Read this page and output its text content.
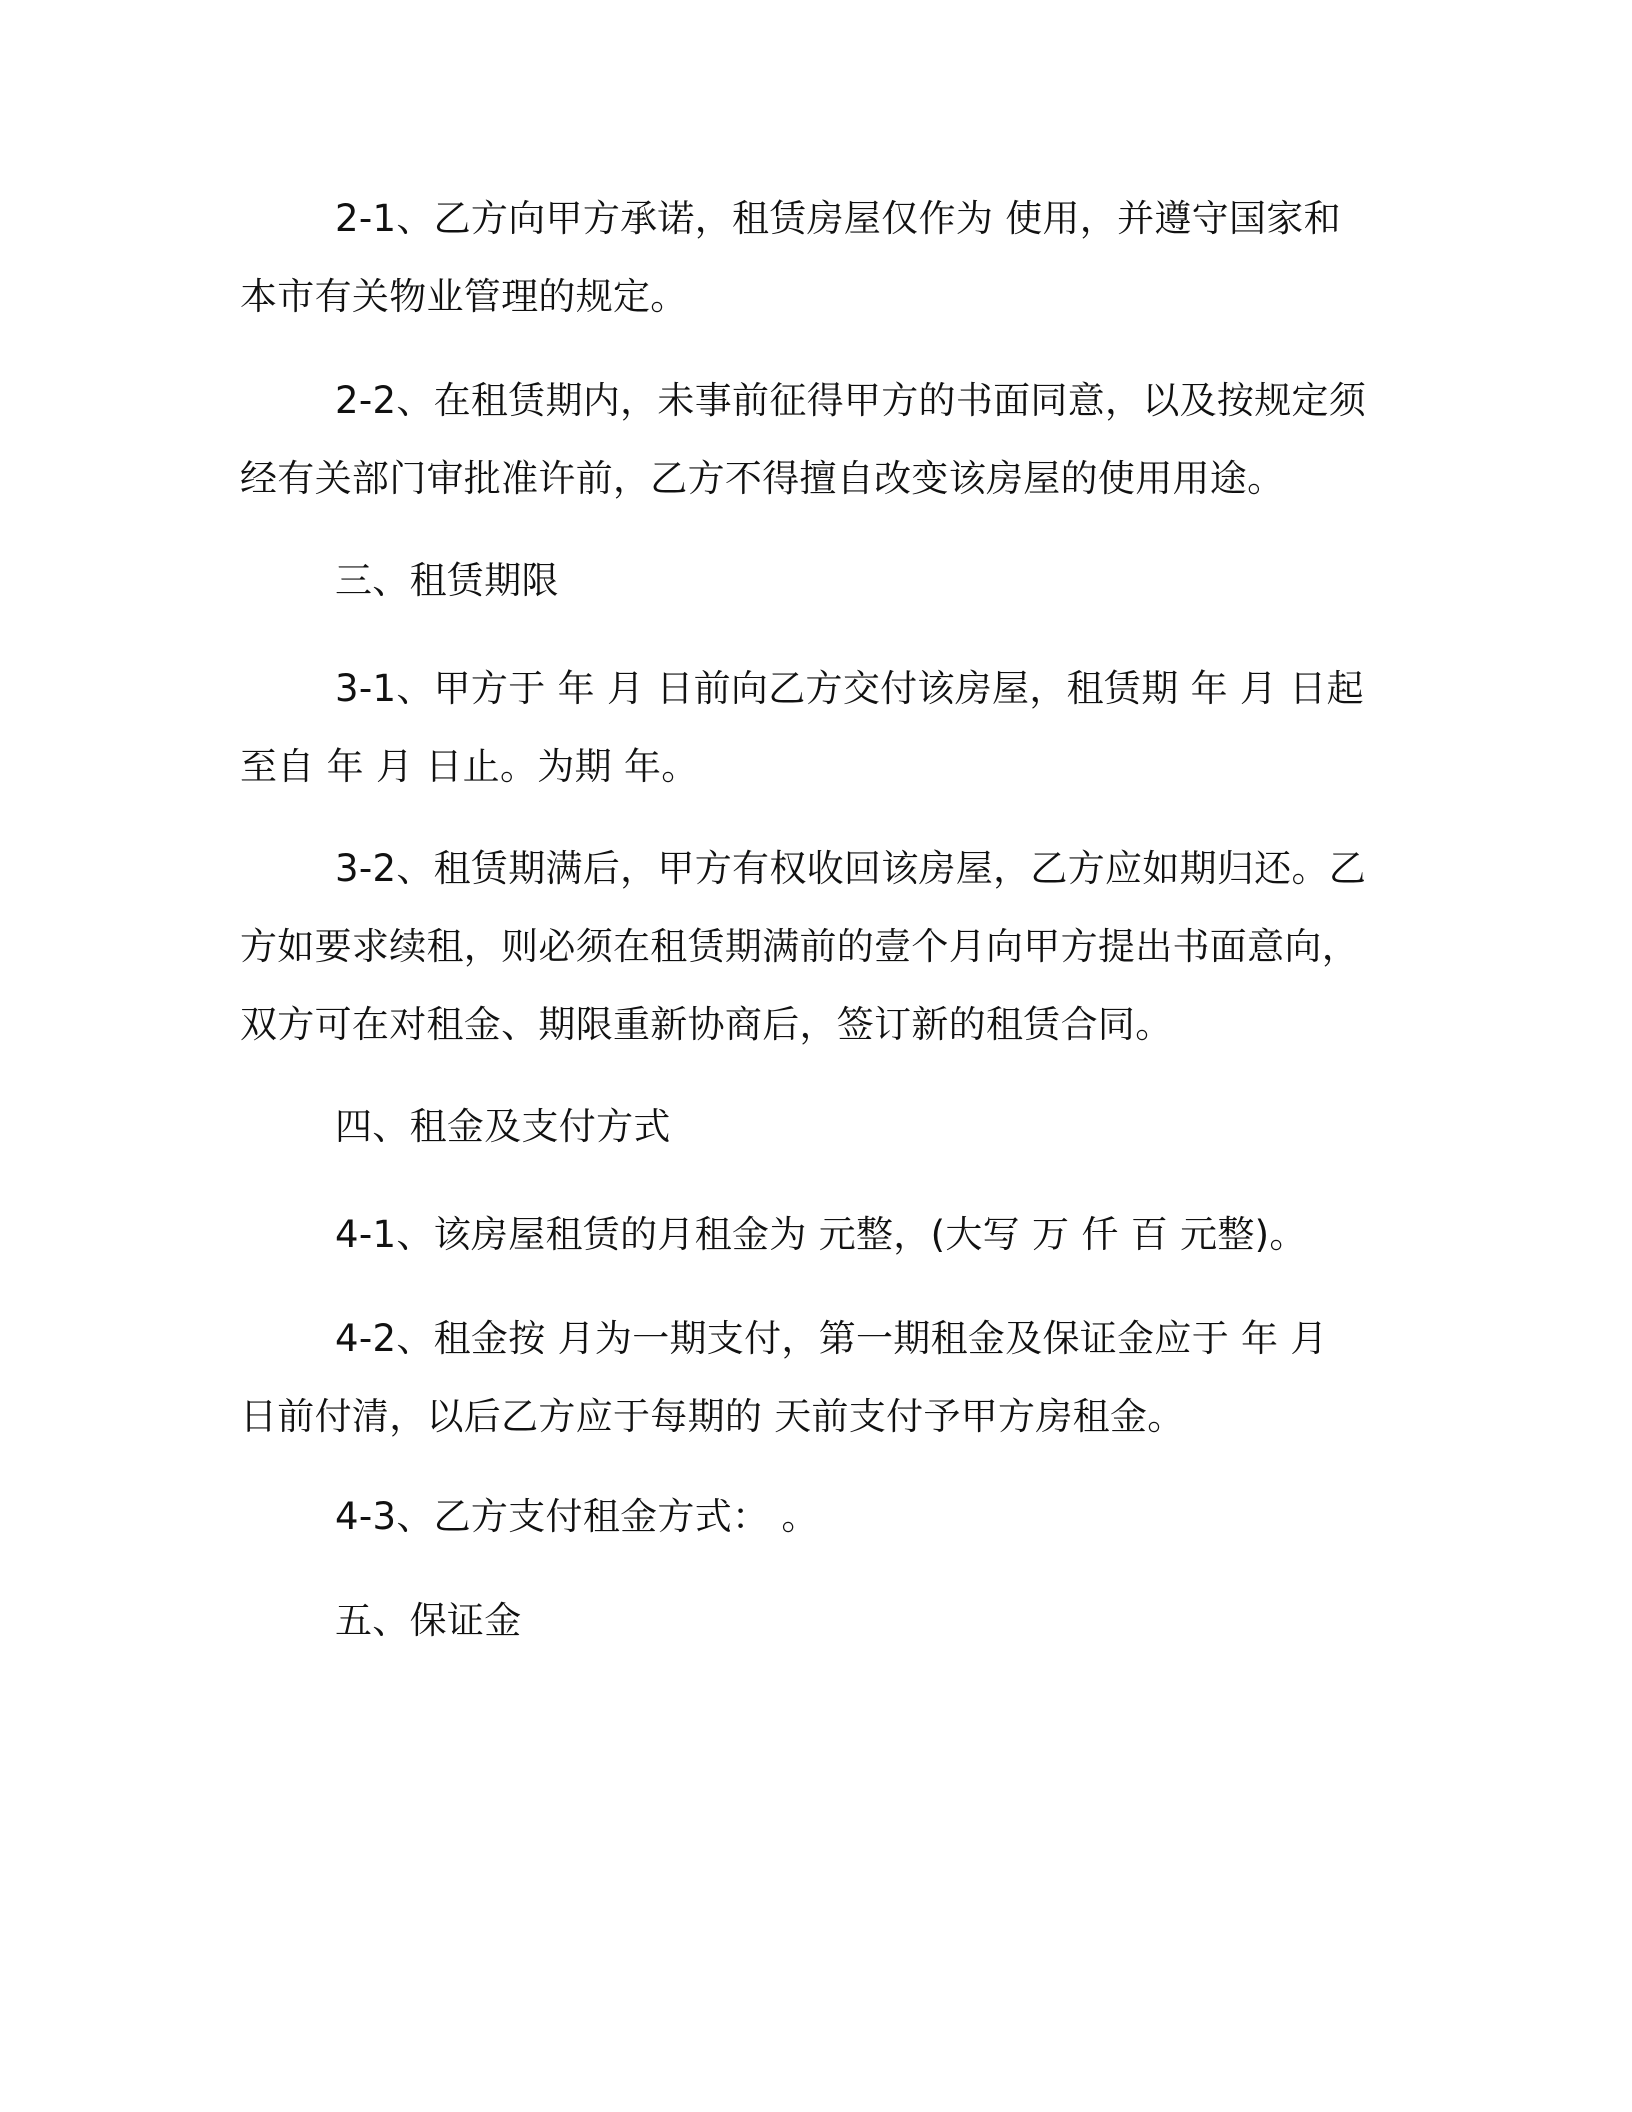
2-1、乙方向甲方承诺，租赁房屋仅作为 使用，并遵守国家和本市有关物业管理的规定。

2-2、在租赁期内，未事前征得甲方的书面同意，以及按规定须经有关部门审批准许前，乙方不得擅自改变该房屋的使用用途。

三、租赁期限

3-1、甲方于 年 月 日前向乙方交付该房屋，租赁期 年 月 日起至自 年 月 日止。为期 年。

3-2、租赁期满后，甲方有权收回该房屋，乙方应如期归还。乙方如要求续租，则必须在租赁期满前的壹个月向甲方提出书面意向，双方可在对租金、期限重新协商后，签订新的租赁合同。

四、租金及支付方式

4-1、该房屋租赁的月租金为 元整，(大写 万 仟 百 元整)。

4-2、租金按 月为一期支付，第一期租金及保证金应于 年 月 日前付清，以后乙方应于每期的 天前支付予甲方房租金。

4-3、乙方支付租金方式： 。

五、保证金
